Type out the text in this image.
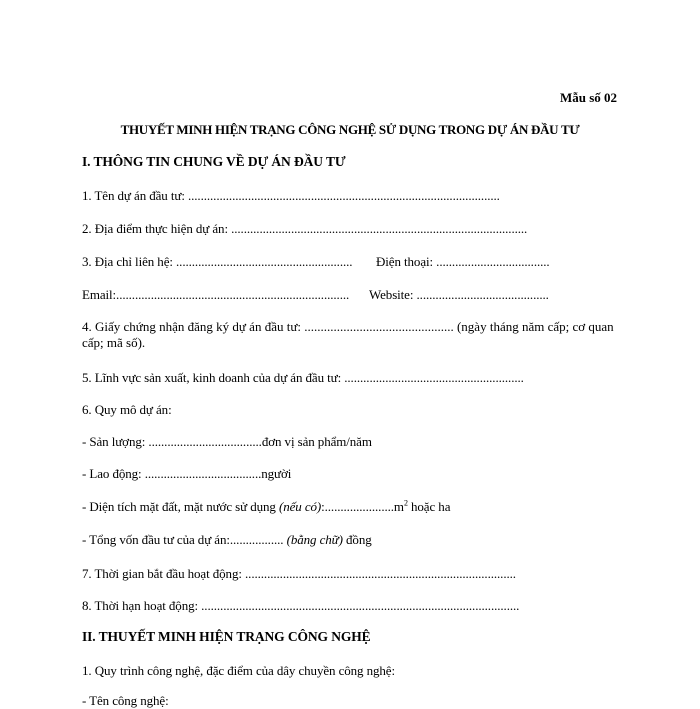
Mẫu số 02
THUYẾT MINH HIỆN TRẠNG CÔNG NGHỆ SỬ DỤNG TRONG DỰ ÁN ĐẦU TƯ
I. THÔNG TIN CHUNG VỀ DỰ ÁN ĐẦU TƯ
1. Tên dự án đầu tư: ...................................................................................................
2. Địa điểm thực hiện dự án: ..............................................................................................
3. Địa chỉ liên hệ: ........................................................ Điện thoại: ....................................
Email:.......................................................................... Website: ..........................................
4. Giấy chứng nhận đăng ký dự án đầu tư: .............................................. (ngày tháng năm cấp; cơ quan cấp; mã số).
5. Lĩnh vực sản xuất, kinh doanh của dự án đầu tư: .........................................................
6. Quy mô dự án:
- Sản lượng: ....................................đơn vị sản phẩm/năm
- Lao động: .....................................người
- Diện tích mặt đất, mặt nước sử dụng (nếu $có):......................m^2$ hoặc ha
- Tổng vốn đầu tư của dự án:................. (bằng chữ) đồng
7. Thời gian bắt đầu hoạt động: ......................................................................................
8. Thời hạn hoạt động: .....................................................................................................
II. THUYẾT MINH HIỆN TRẠNG CÔNG NGHỆ
1. Quy trình công nghệ, đặc điểm của dây chuyền công nghệ:
- Tên công nghệ:
